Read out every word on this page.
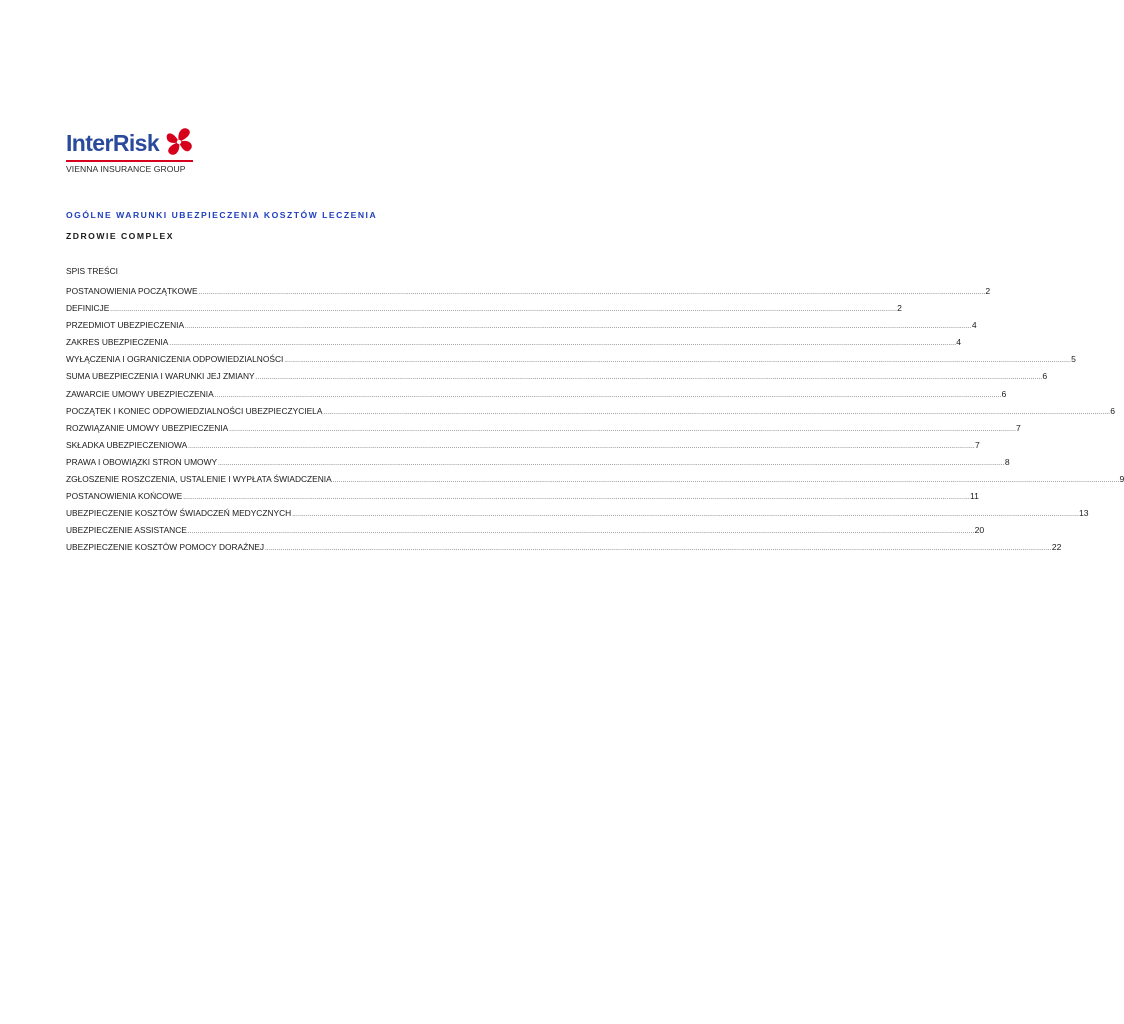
InterRisk
VIENNA INSURANCE GROUP
OGÓLNE WARUNKI UBEZPIECZENIA KOSZTÓW LECZENIA
ZDROWIE COMPLEX
SPIS TREŚCI
POSTANOWIENIA POCZĄTKOWE ................................................................................................................................................................................................................................................................................................................................................................................................................ 2
DEFINICJE ................................................................................................................................................................................................................................................................................................................................................................................................................ 2
PRZEDMIOT UBEZPIECZENIA ................................................................................................................................................................................................................................................................................................................................................................................................................ 4
ZAKRES UBEZPIECZENIA ................................................................................................................................................................................................................................................................................................................................................................................................................ 4
WYŁĄCZENIA I OGRANICZENIA ODPOWIEDZIALNOŚCI ................................................................................................................................................................................................................................................................................................................................................................................................................ 5
SUMA UBEZPIECZENIA I WARUNKI JEJ ZMIANY ................................................................................................................................................................................................................................................................................................................................................................................................................ 6
ZAWARCIE UMOWY UBEZPIECZENIA ................................................................................................................................................................................................................................................................................................................................................................................................................ 6
POCZĄTEK I KONIEC ODPOWIEDZIALNOŚCI UBEZPIECZYCIELA ................................................................................................................................................................................................................................................................................................................................................................................................................ 6
ROZWIĄZANIE UMOWY UBEZPIECZENIA ................................................................................................................................................................................................................................................................................................................................................................................................................ 7
SKŁADKA UBEZPIECZENIOWA ................................................................................................................................................................................................................................................................................................................................................................................................................ 7
PRAWA I OBOWIĄZKI STRON UMOWY ................................................................................................................................................................................................................................................................................................................................................................................................................ 8
ZGŁOSZENIE ROSZCZENIA, USTALENIE I WYPŁATA ŚWIADCZENIA ................................................................................................................................................................................................................................................................................................................................................................................................................ 9
POSTANOWIENIA KOŃCOWE ................................................................................................................................................................................................................................................................................................................................................................................................................ 11
UBEZPIECZENIE KOSZTÓW ŚWIADCZEŃ MEDYCZNYCH ................................................................................................................................................................................................................................................................................................................................................................................................................ 13
UBEZPIECZENIE ASSISTANCE ................................................................................................................................................................................................................................................................................................................................................................................................................ 20
UBEZPIECZENIE KOSZTÓW POMOCY DORAŹNEJ ................................................................................................................................................................................................................................................................................................................................................................................................................ 22
